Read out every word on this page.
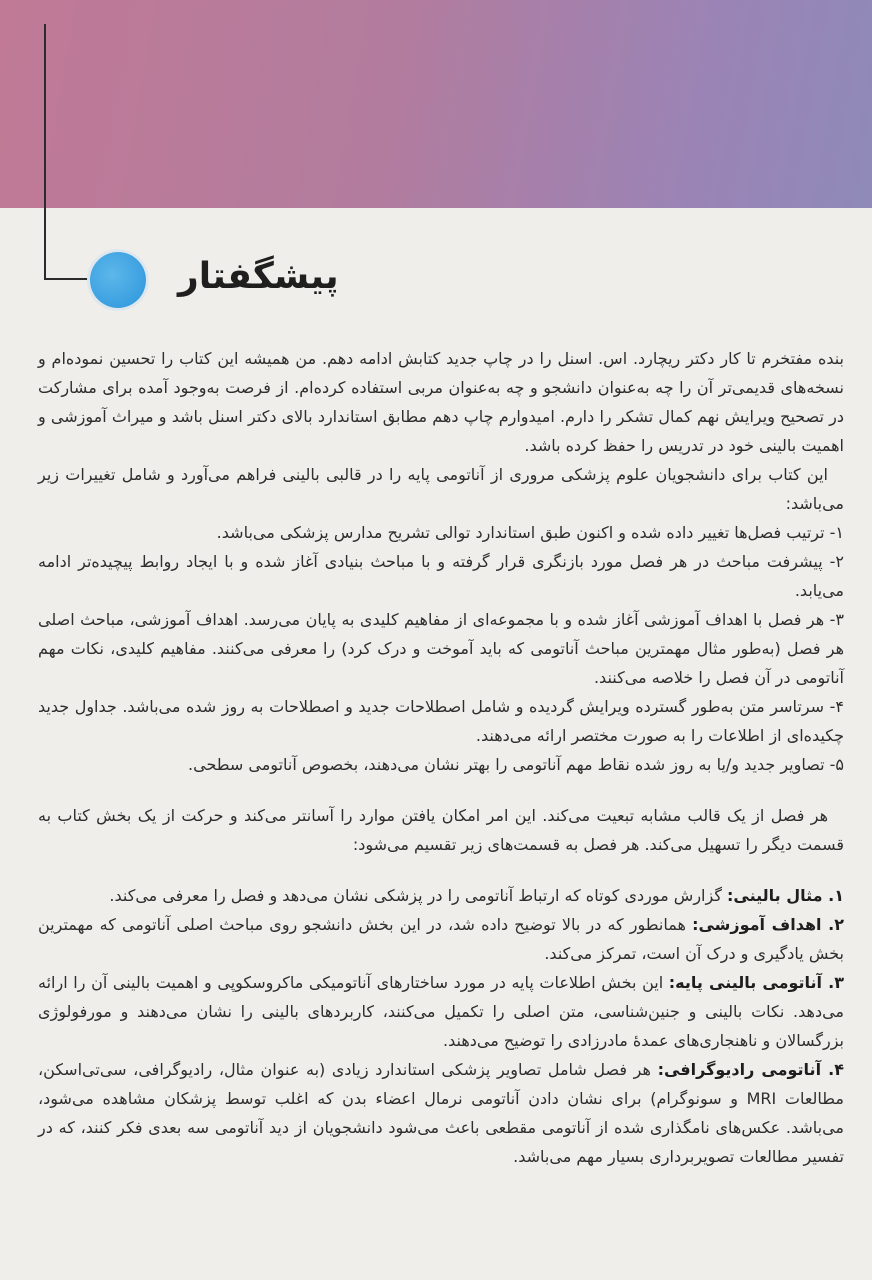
پیشگفتار

بنده مفتخرم تا کار دکتر ریچارد. اس. اسنل را در چاپ جدید کتابش ادامه دهم. من همیشه این کتاب را تحسین نموده‌ام و نسخه‌های قدیمی‌تر آن را چه به‌عنوان دانشجو و چه به‌عنوان مربی استفاده کرده‌ام. از فرصت به‌وجود آمده برای مشارکت در تصحیح ویرایش نهم کمال تشکر را دارم. امیدوارم چاپ دهم مطابق استاندارد بالای دکتر اسنل باشد و میراث آموزشی و اهمیت بالینی خود در تدریس را حفظ کرده باشد.

این کتاب برای دانشجویان علوم پزشکی مروری از آناتومی پایه را در قالبی بالینی فراهم می‌آورد و شامل تغییرات زیر می‌باشد:

۱- ترتیب فصل‌ها تغییر داده شده و اکنون طبق استاندارد توالی تشریح مدارس پزشکی می‌باشد.

۲- پیشرفت مباحث در هر فصل مورد بازنگری قرار گرفته و با مباحث بنیادی آغاز شده و با ایجاد روابط پیچیده‌تر ادامه می‌یابد.

۳- هر فصل با اهداف آموزشی آغاز شده و با مجموعه‌ای از مفاهیم کلیدی به پایان می‌رسد. اهداف آموزشی، مباحث اصلی هر فصل (به‌طور مثال مهمترین مباحث آناتومی که باید آموخت و درک کرد) را معرفی می‌کنند. مفاهیم کلیدی، نکات مهم آناتومی در آن فصل را خلاصه می‌کنند.

۴- سرتاسر متن به‌طور گسترده ویرایش گردیده و شامل اصطلاحات جدید و اصطلاحات به روز شده می‌باشد. جداول جدید چکیده‌ای از اطلاعات را به صورت مختصر ارائه می‌دهند.

۵- تصاویر جدید و/یا به روز شده نقاط مهم آناتومی را بهتر نشان می‌دهند، بخصوص آناتومی سطحی.

هر فصل از یک قالب مشابه تبعیت می‌کند. این امر امکان یافتن موارد را آسانتر می‌کند و حرکت از یک بخش کتاب به قسمت دیگر را تسهیل می‌کند. هر فصل به قسمت‌های زیر تقسیم می‌شود:

۱. مثال بالینی: گزارش موردی کوتاه که ارتباط آناتومی را در پزشکی نشان می‌دهد و فصل را معرفی می‌کند.

۲. اهداف آموزشی: همانطور که در بالا توضیح داده شد، در این بخش دانشجو روی مباحث اصلی آناتومی که مهمترین بخش یادگیری و درک آن است، تمرکز می‌کند.

۳. آناتومی بالینی پایه: این بخش اطلاعات پایه در مورد ساختارهای آناتومیکی ماکروسکوپی و اهمیت بالینی آن را ارائه می‌دهد. نکات بالینی و جنین‌شناسی، متن اصلی را تکمیل می‌کنند، کاربردهای بالینی را نشان می‌دهند و مورفولوژی بزرگسالان و ناهنجاری‌های عمدهٔ مادرزادی را توضیح می‌دهند.

۴. آناتومی رادیوگرافی: هر فصل شامل تصاویر پزشکی استاندارد زیادی (به عنوان مثال، رادیوگرافی، سی‌تی‌اسکن، مطالعات MRI و سونوگرام) برای نشان دادن آناتومی نرمال اعضاء بدن که اغلب توسط پزشکان مشاهده می‌شود، می‌باشد. عکس‌های نامگذاری شده از آناتومی مقطعی باعث می‌شود دانشجویان از دید آناتومی سه بعدی فکر کنند، که در تفسیر مطالعات تصویربرداری بسیار مهم می‌باشد.
